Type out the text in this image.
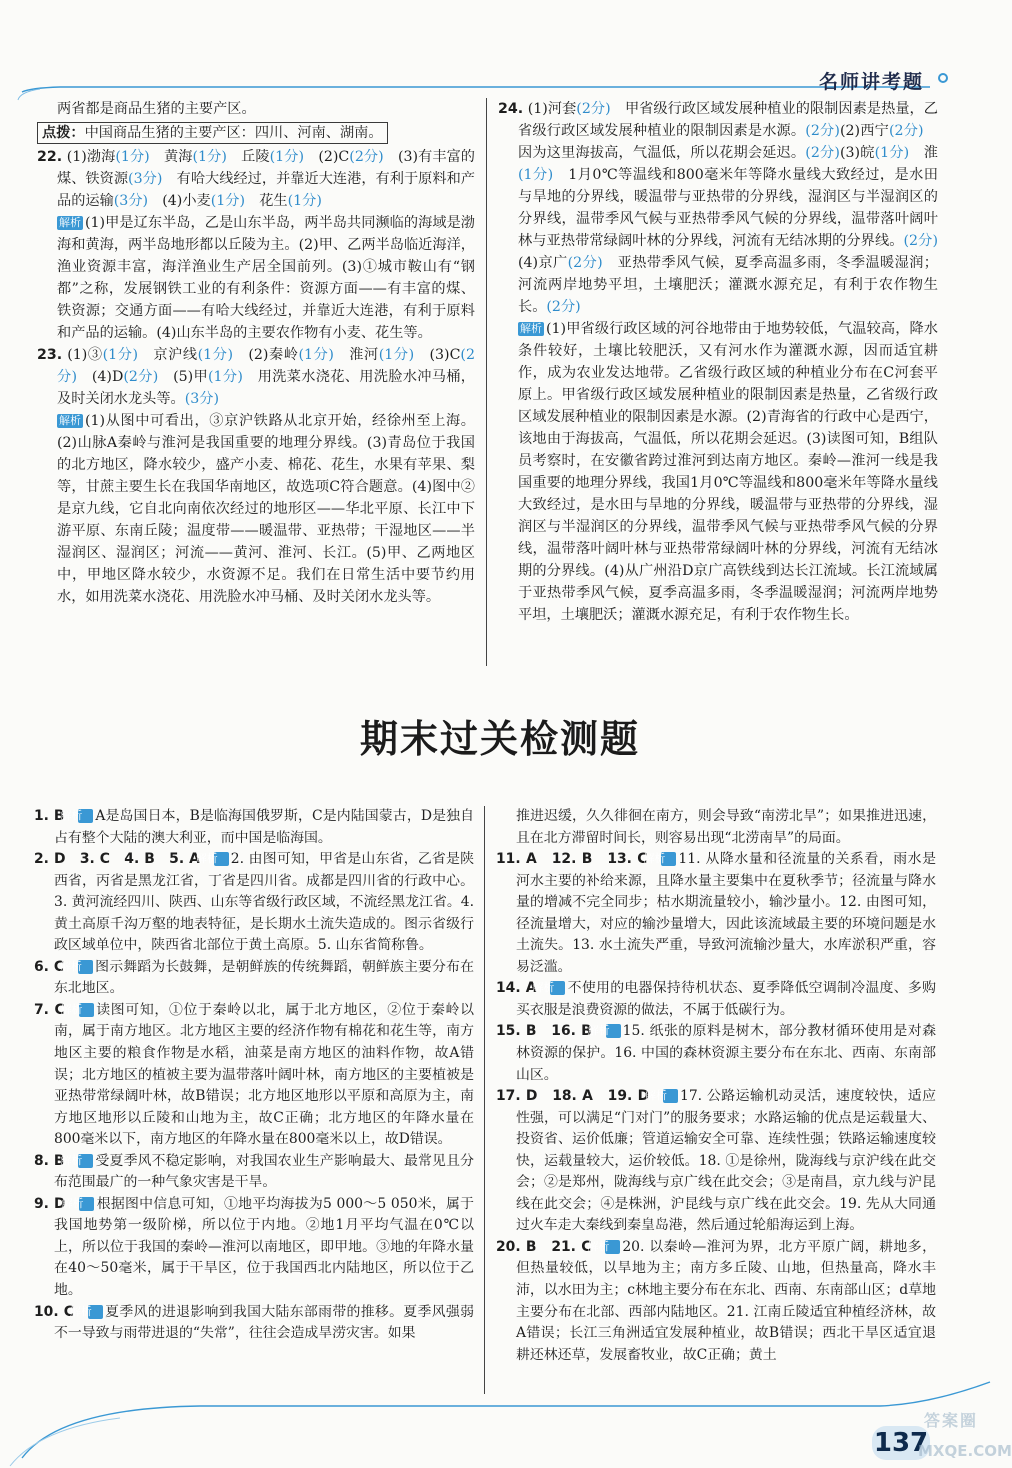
名师讲考题

两省都是商品生猪的主要产区。

点拨：中国商品生猪的主要产区：四川、河南、湖南。

22. (1)渤海(1分)　黄海(1分)　丘陵(1分)　(2)C(2分)　(3)有丰富的煤、铁资源(3分)　有哈大线经过，并靠近大连港，有利于原料和产品的运输(3分)　(4)小麦(1分)　花生(1分)

解析 (1)甲是辽东半岛，乙是山东半岛，两半岛共同濒临的海域是渤海和黄海，两半岛地形都以丘陵为主。(2)甲、乙两半岛临近海洋，渔业资源丰富，海洋渔业生产居全国前列。(3)①城市鞍山有“钢都”之称，发展钢铁工业的有利条件：资源方面——有丰富的煤、铁资源；交通方面——有哈大线经过，并靠近大连港，有利于原料和产品的运输。(4)山东半岛的主要农作物有小麦、花生等。

23. (1)③(1分)　京沪线(1分)　(2)秦岭(1分)　淮河(1分)　(3)C(2分)　(4)D(2分)　(5)甲(1分)　用洗菜水浇花、用洗脸水冲马桶，及时关闭水龙头等。(3分)

解析 (1)从图中可看出，③京沪铁路从北京开始，经徐州至上海。(2)山脉A秦岭与淮河是我国重要的地理分界线。(3)青岛位于我国的北方地区，降水较少，盛产小麦、棉花、花生，水果有苹果、梨等，甘蔗主要生长在我国华南地区，故选项C符合题意。(4)图中②是京九线，它自北向南依次经过的地形区——华北平原、长江中下游平原、东南丘陵；温度带——暖温带、亚热带；干湿地区——半湿润区、湿润区；河流——黄河、淮河、长江。(5)甲、乙两地区中，甲地区降水较少，水资源不足。我们在日常生活中要节约用水，如用洗菜水浇花、用洗脸水冲马桶、及时关闭水龙头等。

24. (1)河套(2分)　甲省级行政区域发展种植业的限制因素是热量，乙省级行政区域发展种植业的限制因素是水源。(2分)(2)西宁(2分)　因为这里海拔高，气温低，所以花期会延迟。(2分)(3)皖(1分)　淮(1分)　1月0℃等温线和800毫米年等降水量线大致经过，是水田与旱地的分界线，暖温带与亚热带的分界线，湿润区与半湿润区的分界线，温带季风气候与亚热带季风气候的分界线，温带落叶阔叶林与亚热带常绿阔叶林的分界线，河流有无结冰期的分界线。(2分)(4)京广(2分)　亚热带季风气候，夏季高温多雨，冬季温暖湿润；河流两岸地势平坦，土壤肥沃；灌溉水源充足，有利于农作物生长。(2分)

解析 (1)甲省级行政区域的河谷地带由于地势较低，气温较高，降水条件较好，土壤比较肥沃，又有河水作为灌溉水源，因而适宜耕作，成为农业发达地带。乙省级行政区域的种植业分布在C河套平原上。甲省级行政区域发展种植业的限制因素是热量，乙省级行政区域发展种植业的限制因素是水源。(2)青海省的行政中心是西宁，该地由于海拔高，气温低，所以花期会延迟。(3)读图可知，B组队员考察时，在安徽省跨过淮河到达南方地区。秦岭—淮河一线是我国重要的地理分界线，我国1月0℃等温线和800毫米年等降水量线大致经过，是水田与旱地的分界线，暖温带与亚热带的分界线，湿润区与半湿润区的分界线，温带季风气候与亚热带季风气候的分界线，温带落叶阔叶林与亚热带常绿阔叶林的分界线，河流有无结冰期的分界线。(4)从广州沿D京广高铁线到达长江流域。长江流域属于亚热带季风气候，夏季高温多雨，冬季温暖湿润；河流两岸地势平坦，土壤肥沃；灌溉水源充足，有利于农作物生长。

期末过关检测题

1. B 解析 A是岛国日本，B是临海国俄罗斯，C是内陆国蒙古，D是独自占有整个大陆的澳大利亚，而中国是临海国。

2. D　3. C　4. B　5. A 解析 2. 由图可知，甲省是山东省，乙省是陕西省，丙省是黑龙江省，丁省是四川省。成都是四川省的行政中心。3. 黄河流经四川、陕西、山东等省级行政区域，不流经黑龙江省。4. 黄土高原千沟万壑的地表特征，是长期水土流失造成的。图示省级行政区域单位中，陕西省北部位于黄土高原。5. 山东省简称鲁。

6. C 解析 图示舞蹈为长鼓舞，是朝鲜族的传统舞蹈，朝鲜族主要分布在东北地区。

7. C 解析 读图可知，①位于秦岭以北，属于北方地区，②位于秦岭以南，属于南方地区。北方地区主要的经济作物有棉花和花生等，南方地区主要的粮食作物是水稻，油菜是南方地区的油料作物，故A错误；北方地区的植被主要为温带落叶阔叶林，南方地区的主要植被是亚热带常绿阔叶林，故B错误；北方地区地形以平原和高原为主，南方地区地形以丘陵和山地为主，故C正确；北方地区的年降水量在800毫米以下，南方地区的年降水量在800毫米以上，故D错误。

8. B 解析 受夏季风不稳定影响，对我国农业生产影响最大、最常见且分布范围最广的一种气象灾害是干旱。

9. D 解析 根据图中信息可知，①地平均海拔为5 000～5 050米，属于我国地势第一级阶梯，所以位于内地。②地1月平均气温在0℃以上，所以位于我国的秦岭—淮河以南地区，即甲地。③地的年降水量在40～50毫米，属于干旱区，位于我国西北内陆地区，所以位于乙地。

10. C 解析 夏季风的进退影响到我国大陆东部雨带的推移。夏季风强弱不一导致与雨带进退的“失常”，往往会造成旱涝灾害。如果

推进迟缓，久久徘徊在南方，则会导致“南涝北旱”；如果推进迅速，且在北方滞留时间长，则容易出现“北涝南旱”的局面。

11. A　12. B　13. C 解析 11. 从降水量和径流量的关系看，雨水是河水主要的补给来源，且降水量主要集中在夏秋季节；径流量与降水量的增减不完全同步；枯水期流量较小，输沙量小。12. 由图可知，径流量增大，对应的输沙量增大，因此该流域最主要的环境问题是水土流失。13. 水土流失严重，导致河流输沙量大，水库淤积严重，容易泛滥。

14. A 解析 不使用的电器保持待机状态、夏季降低空调制冷温度、多购买衣服是浪费资源的做法，不属于低碳行为。

15. B　16. B 解析 15. 纸张的原料是树木，部分教材循环使用是对森林资源的保护。16. 中国的森林资源主要分布在东北、西南、东南部山区。

17. D　18. A　19. D 解析 17. 公路运输机动灵活，速度较快，适应性强，可以满足“门对门”的服务要求；水路运输的优点是运载量大、投资省、运价低廉；管道运输安全可靠、连续性强；铁路运输速度较快，运载量较大，运价较低。18. ①是徐州，陇海线与京沪线在此交会；②是郑州，陇海线与京广线在此交会；③是南昌，京九线与沪昆线在此交会；④是株洲，沪昆线与京广线在此交会。19. 先从大同通过火车走大秦线到秦皇岛港，然后通过轮船海运到上海。

20. B　21. C 解析 20. 以秦岭—淮河为界，北方平原广阔，耕地多，但热量较低，以旱地为主；南方多丘陵、山地，但热量高，降水丰沛，以水田为主；c林地主要分布在东北、西南、东南部山区；d草地主要分布在北部、西部内陆地区。21. 江南丘陵适宜种植经济林，故A错误；长江三角洲适宜发展种植业，故B错误；西北干旱区适宜退耕还林还草，发展畜牧业，故C正确；黄土

137
答案圈
MXQE.COM
